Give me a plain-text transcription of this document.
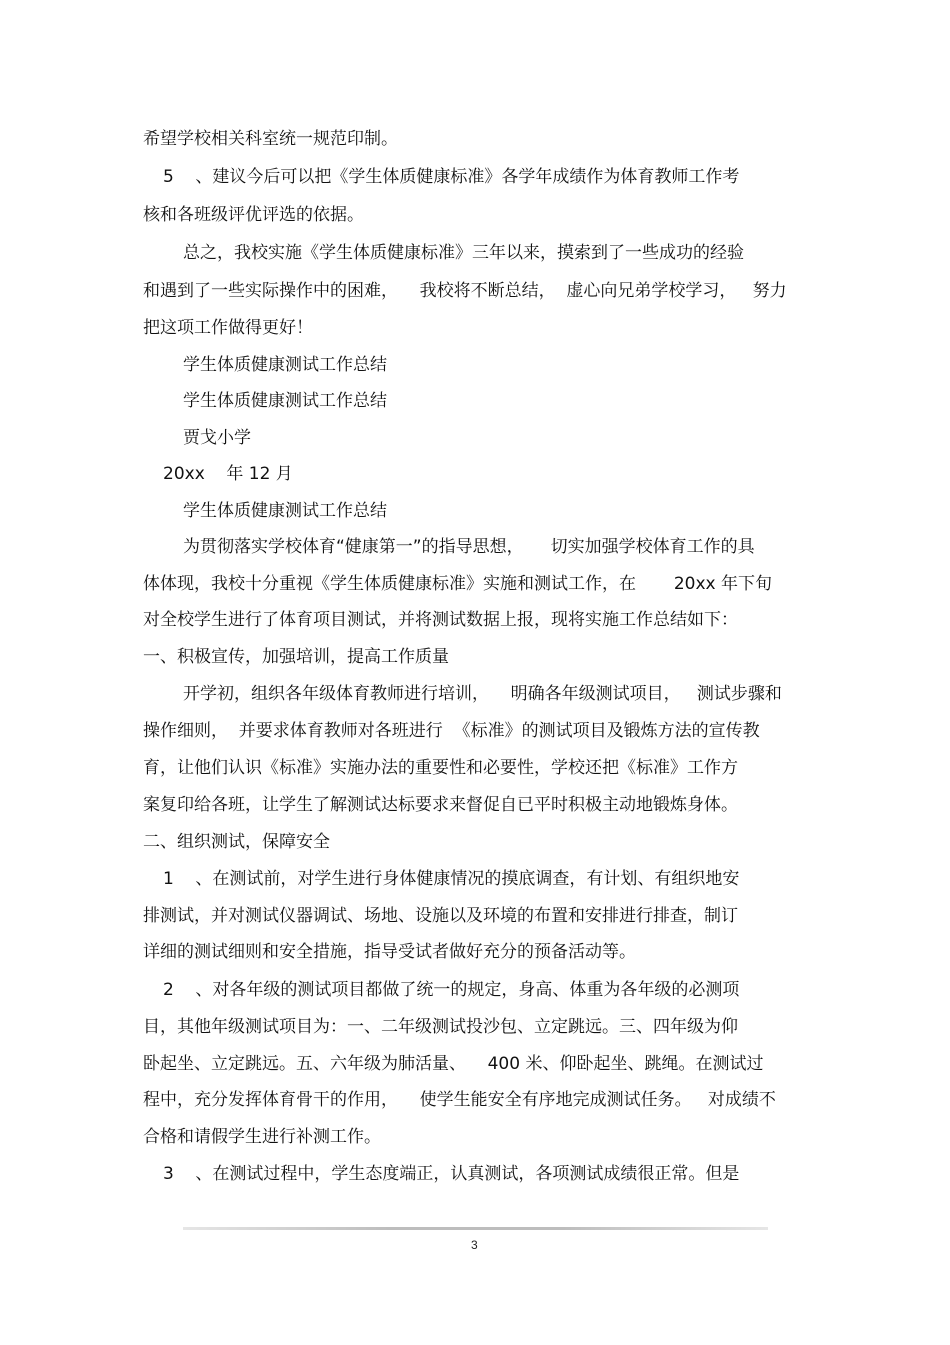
希望学校相关科室统一规范印制。

5    、建议今后可以把《学生体质健康标准》各学年成绩作为体育教师工作考

核和各班级评优评选的依据。

总之，我校实施《学生体质健康标准》三年以来，摸索到了一些成功的经验

和遇到了一些实际操作中的困难，    我校将不断总结，  虚心向兄弟学校学习，   努力

把这项工作做得更好！

学生体质健康测试工作总结

学生体质健康测试工作总结

贾戈小学

20xx    年 12 月

学生体质健康测试工作总结

为贯彻落实学校体育“健康第一”的指导思想，     切实加强学校体育工作的具

体体现，我校十分重视《学生体质健康标准》实施和测试工作，在       20xx 年下旬

对全校学生进行了体育项目测试，并将测试数据上报，现将实施工作总结如下：

一、积极宣传，加强培训，提高工作质量

开学初，组织各年级体育教师进行培训，    明确各年级测试项目，   测试步骤和

操作细则，  并要求体育教师对各班进行  《标准》的测试项目及锻炼方法的宣传教

育，让他们认识《标准》实施办法的重要性和必要性，学校还把《标准》工作方

案复印给各班，让学生了解测试达标要求来督促自已平时积极主动地锻炼身体。

二、组织测试，保障安全

1    、在测试前，对学生进行身体健康情况的摸底调查，有计划、有组织地安

排测试，并对测试仪器调试、场地、设施以及环境的布置和安排进行排查，制订

详细的测试细则和安全措施，指导受试者做好充分的预备活动等。

2    、对各年级的测试项目都做了统一的规定，身高、体重为各年级的必测项

目，其他年级测试项目为：一、二年级测试投沙包、立定跳远。三、四年级为仰

卧起坐、立定跳远。五、六年级为肺活量、    400 米、仰卧起坐、跳绳。在测试过

程中，充分发挥体育骨干的作用，    使学生能安全有序地完成测试任务。   对成绩不

合格和请假学生进行补测工作。

3    、在测试过程中，学生态度端正，认真测试，各项测试成绩很正常。但是

3
